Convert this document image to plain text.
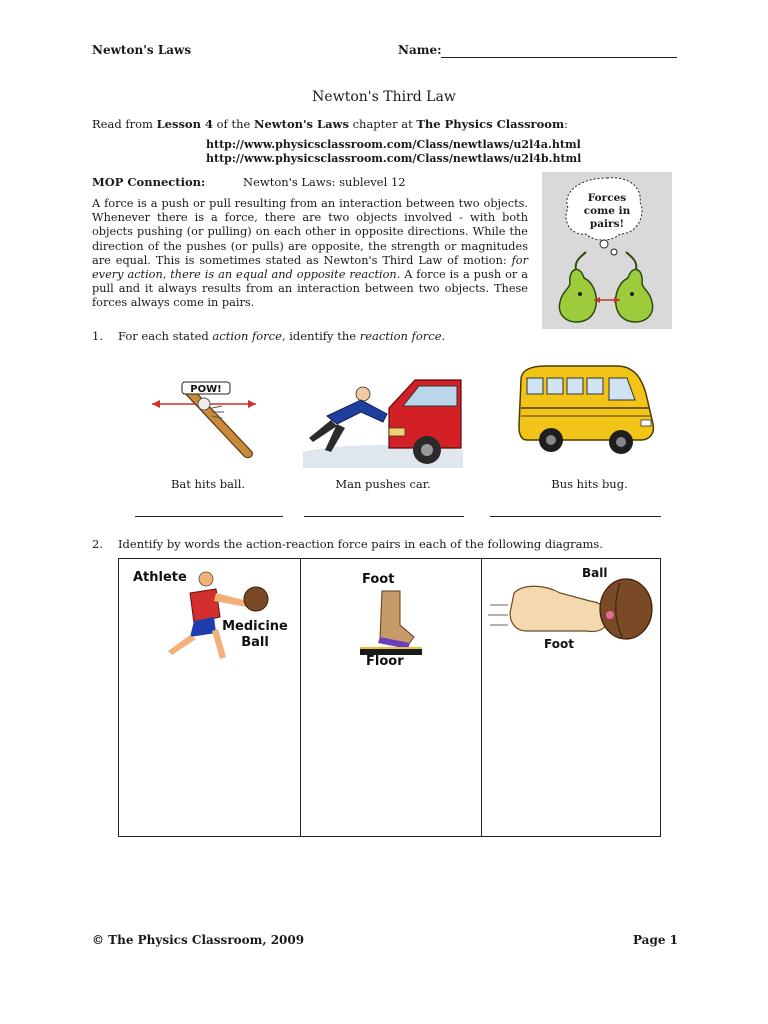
Newton's Laws	Name:
Newton's Third Law
Read from Lesson 4 of the Newton's Laws chapter at The Physics Classroom:
http://www.physicsclassroom.com/Class/newtlaws/u2l4a.html
http://www.physicsclassroom.com/Class/newtlaws/u2l4b.html
MOP Connection:	Newton's Laws: sublevel 12
A force is a push or pull resulting from an interaction between two objects. Whenever there is a force, there are two objects involved - with both objects pushing (or pulling) on each other in opposite directions. While the direction of the pushes (or pulls) are opposite, the strength or magnitudes are equal. This is sometimes stated as Newton's Third Law of motion: for every action, there is an equal and opposite reaction. A force is a push or a pull and it always results from an interaction between two objects. These forces always come in pairs.
Forces
come in
pairs!
1. For each stated action force, identify the reaction force.
POW!
Bat hits ball.	Man pushes car.	Bus hits bug.
2. Identify by words the action-reaction force pairs in each of the following diagrams.
Athlete
Medicine
Ball
Foot
Floor
Ball
Foot
© The Physics Classroom, 2009	Page 1
